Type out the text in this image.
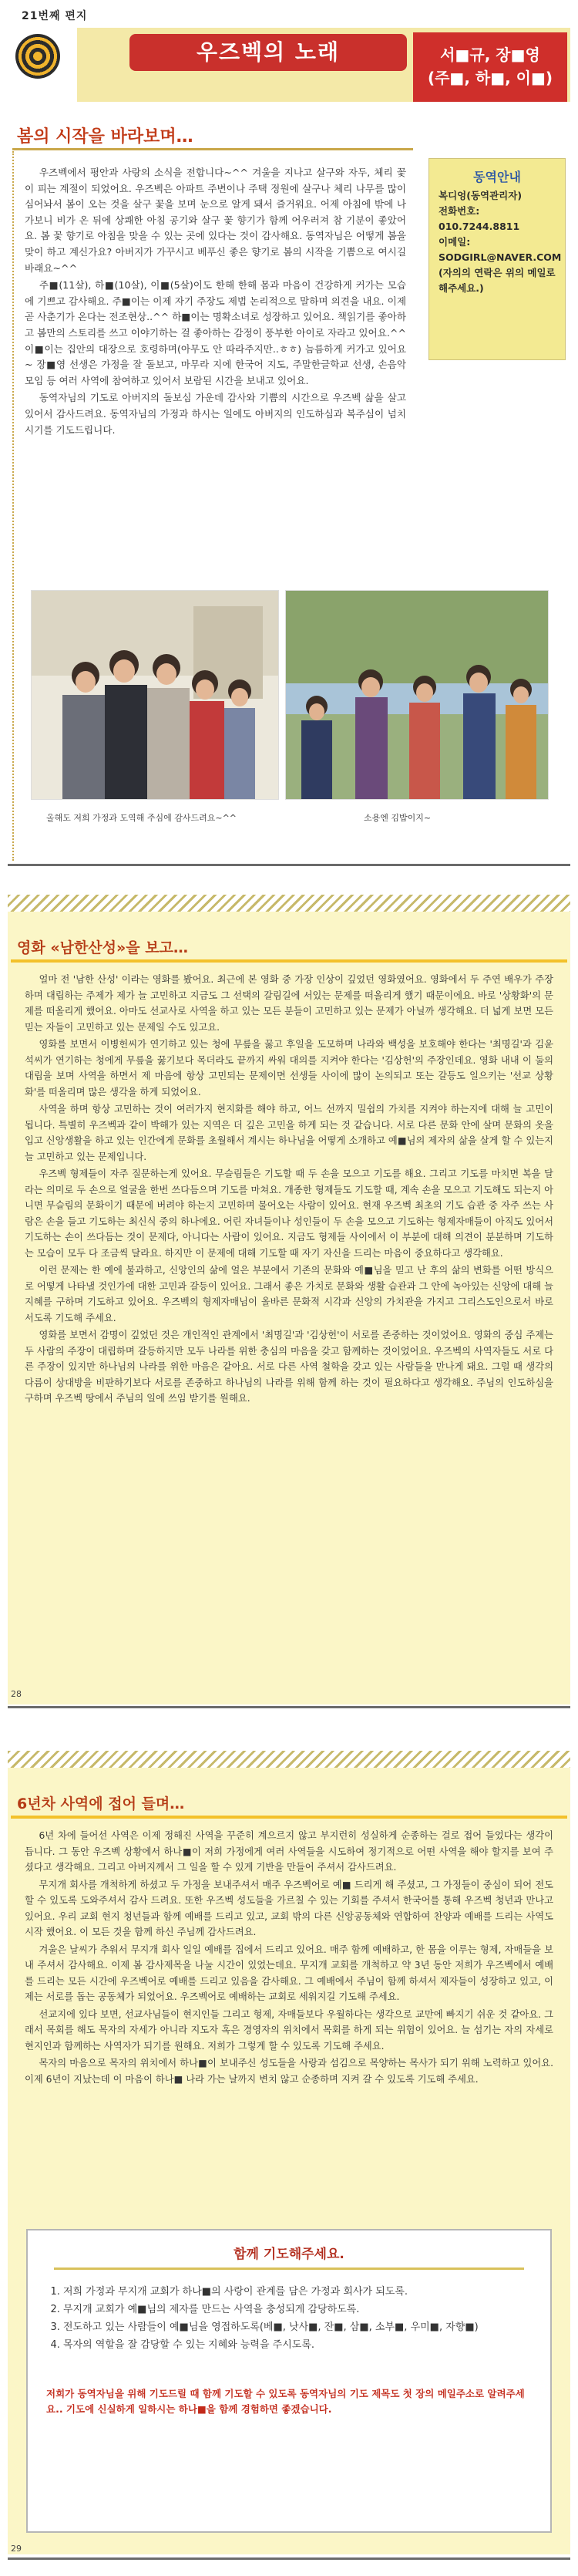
21번째 편지
우즈벡의 노래	서■규, 장■영
(주■, 하■, 이■)
봄의 시작을 바라보며…

우즈벡에서 평안과 사랑의 소식을 전합니다~^^ 겨울을 지나고 살구와 자두, 체리 꽃이 피는 계절이 되었어요. 우즈벡은 아파트 주변이나 주택 정원에 살구나 체리 나무를 많이 심어놔서 봄이 오는 것을 살구 꽃을 보며 눈으로 알게 돼서 즐거워요. 어제 아침에 밖에 나가보니 비가 온 뒤에 상쾌한 아침 공기와 살구 꽃 향기가 함께 어우러져 참 기분이 좋았어요. 봄 꽃 향기로 아침을 맞을 수 있는 곳에 있다는 것이 감사해요. 동역자님은 어떻게 봄을 맞이 하고 계신가요? 아버지가 가꾸시고 베푸신 좋은 향기로 봄의 시작을 기쁨으로 여시길 바래요~^^

주■(11살), 하■(10살), 이■(5살)이도 한해 한해 몸과 마음이 건강하게 커가는 모습에 기쁘고 감사해요. 주■이는 이제 자기 주장도 제법 논리적으로 말하며 의견을 내요. 이제 곧 사춘기가 온다는 전조현상..^^ 하■이는 명확소녀로 성장하고 있어요. 책읽기를 좋아하고 봄만의 스토리를 쓰고 이야기하는 걸 좋아하는 감정이 풍부한 아이로 자라고 있어요.^^ 이■이는 집안의 대장으로 호령하며(아무도 안 따라주지만..ㅎㅎ) 늠름하게 커가고 있어요~ 장■영 선생은 가정을 잘 돌보고, 마무라 지에 한국어 지도, 주말한글학교 선생, 손음악 모임 등 여러 사역에 참여하고 있어서 보람된 시간을 보내고 있어요.

동역자님의 기도로 아버지의 돌보심 가운데 감사와 기쁨의 시간으로 우즈벡 삶을 살고 있어서 감사드려요. 동역자님의 가정과 하시는 일에도 아버지의 인도하심과 복주심이 넘치시기를 기도드립니다.

동역안내
복디엉(동역관리자)
전화번호:
010.7244.8811
이메일:
SODGIRL@NAVER.COM
(자의의 연락은 위의 메일로 해주세요.)
올해도 저희 가정과 도역해 주심에 감사드려요~^^	소용엔 김밥이지~
영화 «남한산성»을 보고…

얼마 전 '남한 산성' 이라는 영화를 봤어요. 최근에 본 영화 중 가장 인상이 깊었던 영화였어요. 영화에서 두 주연 배우가 주장하며 대립하는 주제가 제가 늘 고민하고 지금도 그 선택의 갈림길에 서있는 문제를 떠올리게 했기 때문이에요. 바로 '상황화'의 문제를 떠올리게 했어요. 아마도 선교사로 사역을 하고 있는 모든 분들이 고민하고 있는 문제가 아닐까 생각해요. 더 넓게 보면 모든 믿는 자들이 고민하고 있는 문제일 수도 있고요.

영화를 보면서 이병헌씨가 연기하고 있는 청에 무릎을 꿇고 후일을 도모하며 나라와 백성을 보호해야 한다는 '최명길'과 김윤석씨가 연기하는 청에게 무릎을 꿇기보다 목더라도 끝까지 싸워 대의를 지켜야 한다는 '김상헌'의 주장인데요. 영화 내내 이 둘의 대립을 보며 사역을 하면서 제 마음에 항상 고민되는 문제이면 선생들 사이에 많이 논의되고 또는 갈등도 일으키는 '선교 상황화'를 떠올리며 많은 생각을 하게 되었어요.

사역을 하며 항상 고민하는 것이 여러가지 현지화를 해야 하고, 어느 선까지 밀쉽의 가치를 지켜야 하는지에 대해 늘 고민이 됩니다. 특별히 우즈벡과 같이 박해가 있는 지역은 더 깊은 고민을 하게 되는 것 같습니다. 서로 다른 문화 안에 살며 문화의 옷을 입고 신앙생활을 하고 있는 인간에게 문화를 초월해서 계시는 하나님을 어떻게 소개하고 예■님의 제자의 삶을 살게 할 수 있는지 늘 고민하고 있는 문제입니다.

우즈벡 형제들이 자주 질문하는게 있어요. 무슬림들은 기도할 때 두 손을 모으고 기도를 해요. 그리고 기도를 마치면 복을 달라는 의미로 두 손으로 얼굴을 한번 쓰다듬으며 기도를 마쳐요. 개종한 형제들도 기도할 때, 계속 손을 모으고 기도해도 되는지 아니면 무슬림의 문화이기 때문에 버려야 하는지 고민하며 물어오는 사람이 있어요. 현재 우즈벡 최초의 기도 습관 중 자주 쓰는 사람은 손을 들고 기도하는 최신식 중의 하나에요. 어린 자녀들이나 성인들이 두 손을 모으고 기도하는 형제자매들이 아직도 있어서 기도하는 손이 쓰다듬는 것이 문제다, 아니다는 사람이 있어요. 지금도 형제들 사이에서 이 부분에 대해 의견이 분분하며 기도하는 모습이 모두 다 조금씩 달라요. 하지만 이 문제에 대해 기도할 때 자기 자신을 드리는 마음이 중요하다고 생각해요.

이런 문제는 한 예에 불과하고, 신앙인의 삶에 얼은 부분에서 기존의 문화와 예■님을 믿고 난 후의 삶의 변화를 어떤 방식으로 어떻게 나타낼 것인가에 대한 고민과 갈등이 있어요. 그래서 좋은 가치로 문화와 생활 습관과 그 안에 녹아있는 신앙에 대해 늘 지혜를 구하며 기도하고 있어요. 우즈벡의 형제자매님이 올바른 문화적 시각과 신앙의 가치관을 가지고 그리스도인으로서 바로 서도록 기도해 주세요.

영화를 보면서 감명이 깊었던 것은 개인적인 관계에서 '최명길'과 '김상헌'이 서로를 존중하는 것이었어요. 영화의 중심 주제는 두 사람의 주장이 대립하며 갈등하지만 모두 나라를 위한 충심의 마음을 갖고 함께하는 것이었어요. 우즈벡의 사역자들도 서로 다른 주장이 있지만 하나님의 나라를 위한 마음은 같아요. 서로 다른 사역 철학을 갖고 있는 사람들을 만나게 돼요. 그럴 때 생각의 다름이 상대방을 비판하기보다 서로를 존중하고 하나님의 나라를 위해 함께 하는 것이 필요하다고 생각해요. 주님의 인도하심을 구하며 우즈벡 땅에서 주님의 일에 쓰임 받기를 원해요.

28
6년차 사역에 접어 들며…

6년 차에 들어선 사역은 이제 정해진 사역을 꾸준히 계으르지 않고 부지런히 성실하게 순종하는 걸로 접어 들었다는 생각이 듭니다. 그 동안 우즈벡 상황에서 하나■이 저희 가정에게 여러 사역들을 시도하여 정기적으로 어떤 사역을 해야 할지를 보여 주셨다고 생각해요. 그리고 아버지께서 그 일을 할 수 있게 기반을 만들어 주셔서 감사드려요.

무지개 회사를 개척하게 하셨고 두 가정을 보내주셔서 매주 우즈벡어로 예■ 드리게 해 주셨고, 그 가정들이 중심이 되어 전도 할 수 있도록 도와주셔서 감사 드려요. 또한 우즈벡 성도들을 가르칠 수 있는 기회를 주셔서 한국어를 통해 우즈벡 청년과 만나고 있어요. 우리 교회 현지 청년들과 함께 예배를 드리고 있고, 교회 밖의 다른 신앙공동체와 연합하여 찬양과 예배를 드리는 사역도 시작 했어요. 이 모든 것을 함께 하신 주님께 감사드려요.

겨울은 날씨가 추워서 무지개 회사 일일 예배를 집에서 드리고 있어요. 매주 함께 예배하고, 한 몸을 이루는 형제, 자매들을 보내 주셔서 감사해요. 이제 봄 감사제목을 나눌 시간이 있었는데요. 무지개 교회를 개척하고 약 3년 동안 저희가 우즈벡에서 예배를 드리는 모든 시간에 우즈벡어로 예배를 드리고 있음을 감사해요. 그 예배에서 주님이 함께 하셔서 제자들이 성장하고 있고, 이제는 서로를 돕는 공동체가 되었어요. 우즈벡어로 예배하는 교회로 세워지길 기도해 주세요.

선교지에 있다 보면, 선교사님들이 현지인들 그리고 형제, 자매들보다 우월하다는 생각으로 교만에 빠지기 쉬운 것 같아요. 그래서 목회를 해도 목자의 자세가 아니라 지도자 혹은 경영자의 위치에서 목회를 하게 되는 위험이 있어요. 늘 섬기는 자의 자세로 현지인과 함께하는 사역자가 되기를 원해요. 저희가 그렇게 할 수 있도록 기도해 주세요.

목자의 마음으로 목자의 위치에서 하나■이 보내주신 성도들을 사랑과 섬김으로 목양하는 목사가 되기 위해 노력하고 있어요. 이제 6년이 지났는데 이 마음이 하나■ 나라 가는 날까지 변치 않고 순종하며 지켜 갈 수 있도록 기도해 주세요.

함께 기도해주세요.
1. 저희 가정과 무지개 교회가 하나■의 사랑이 관계를 담은 가정과 회사가 되도록.
2. 무지개 교회가 예■님의 제자를 만드는 사역을 충성되게 감당하도록.
3. 전도하고 있는 사람들이 예■님을 영접하도록(베■, 낫사■, 잔■, 삼■, 소부■, 우미■, 자향■)
4. 목자의 역할을 잘 감당할 수 있는 지혜와 능력을 주시도록.
저희가 동역자님을 위해 기도드릴 때 함께 기도할 수 있도록 동역자님의 기도 제목도 첫 장의 메일주소로 알려주세요.. 기도에 신실하게 일하시는 하나■을 함께 경험하면 좋겠습니다.
29
